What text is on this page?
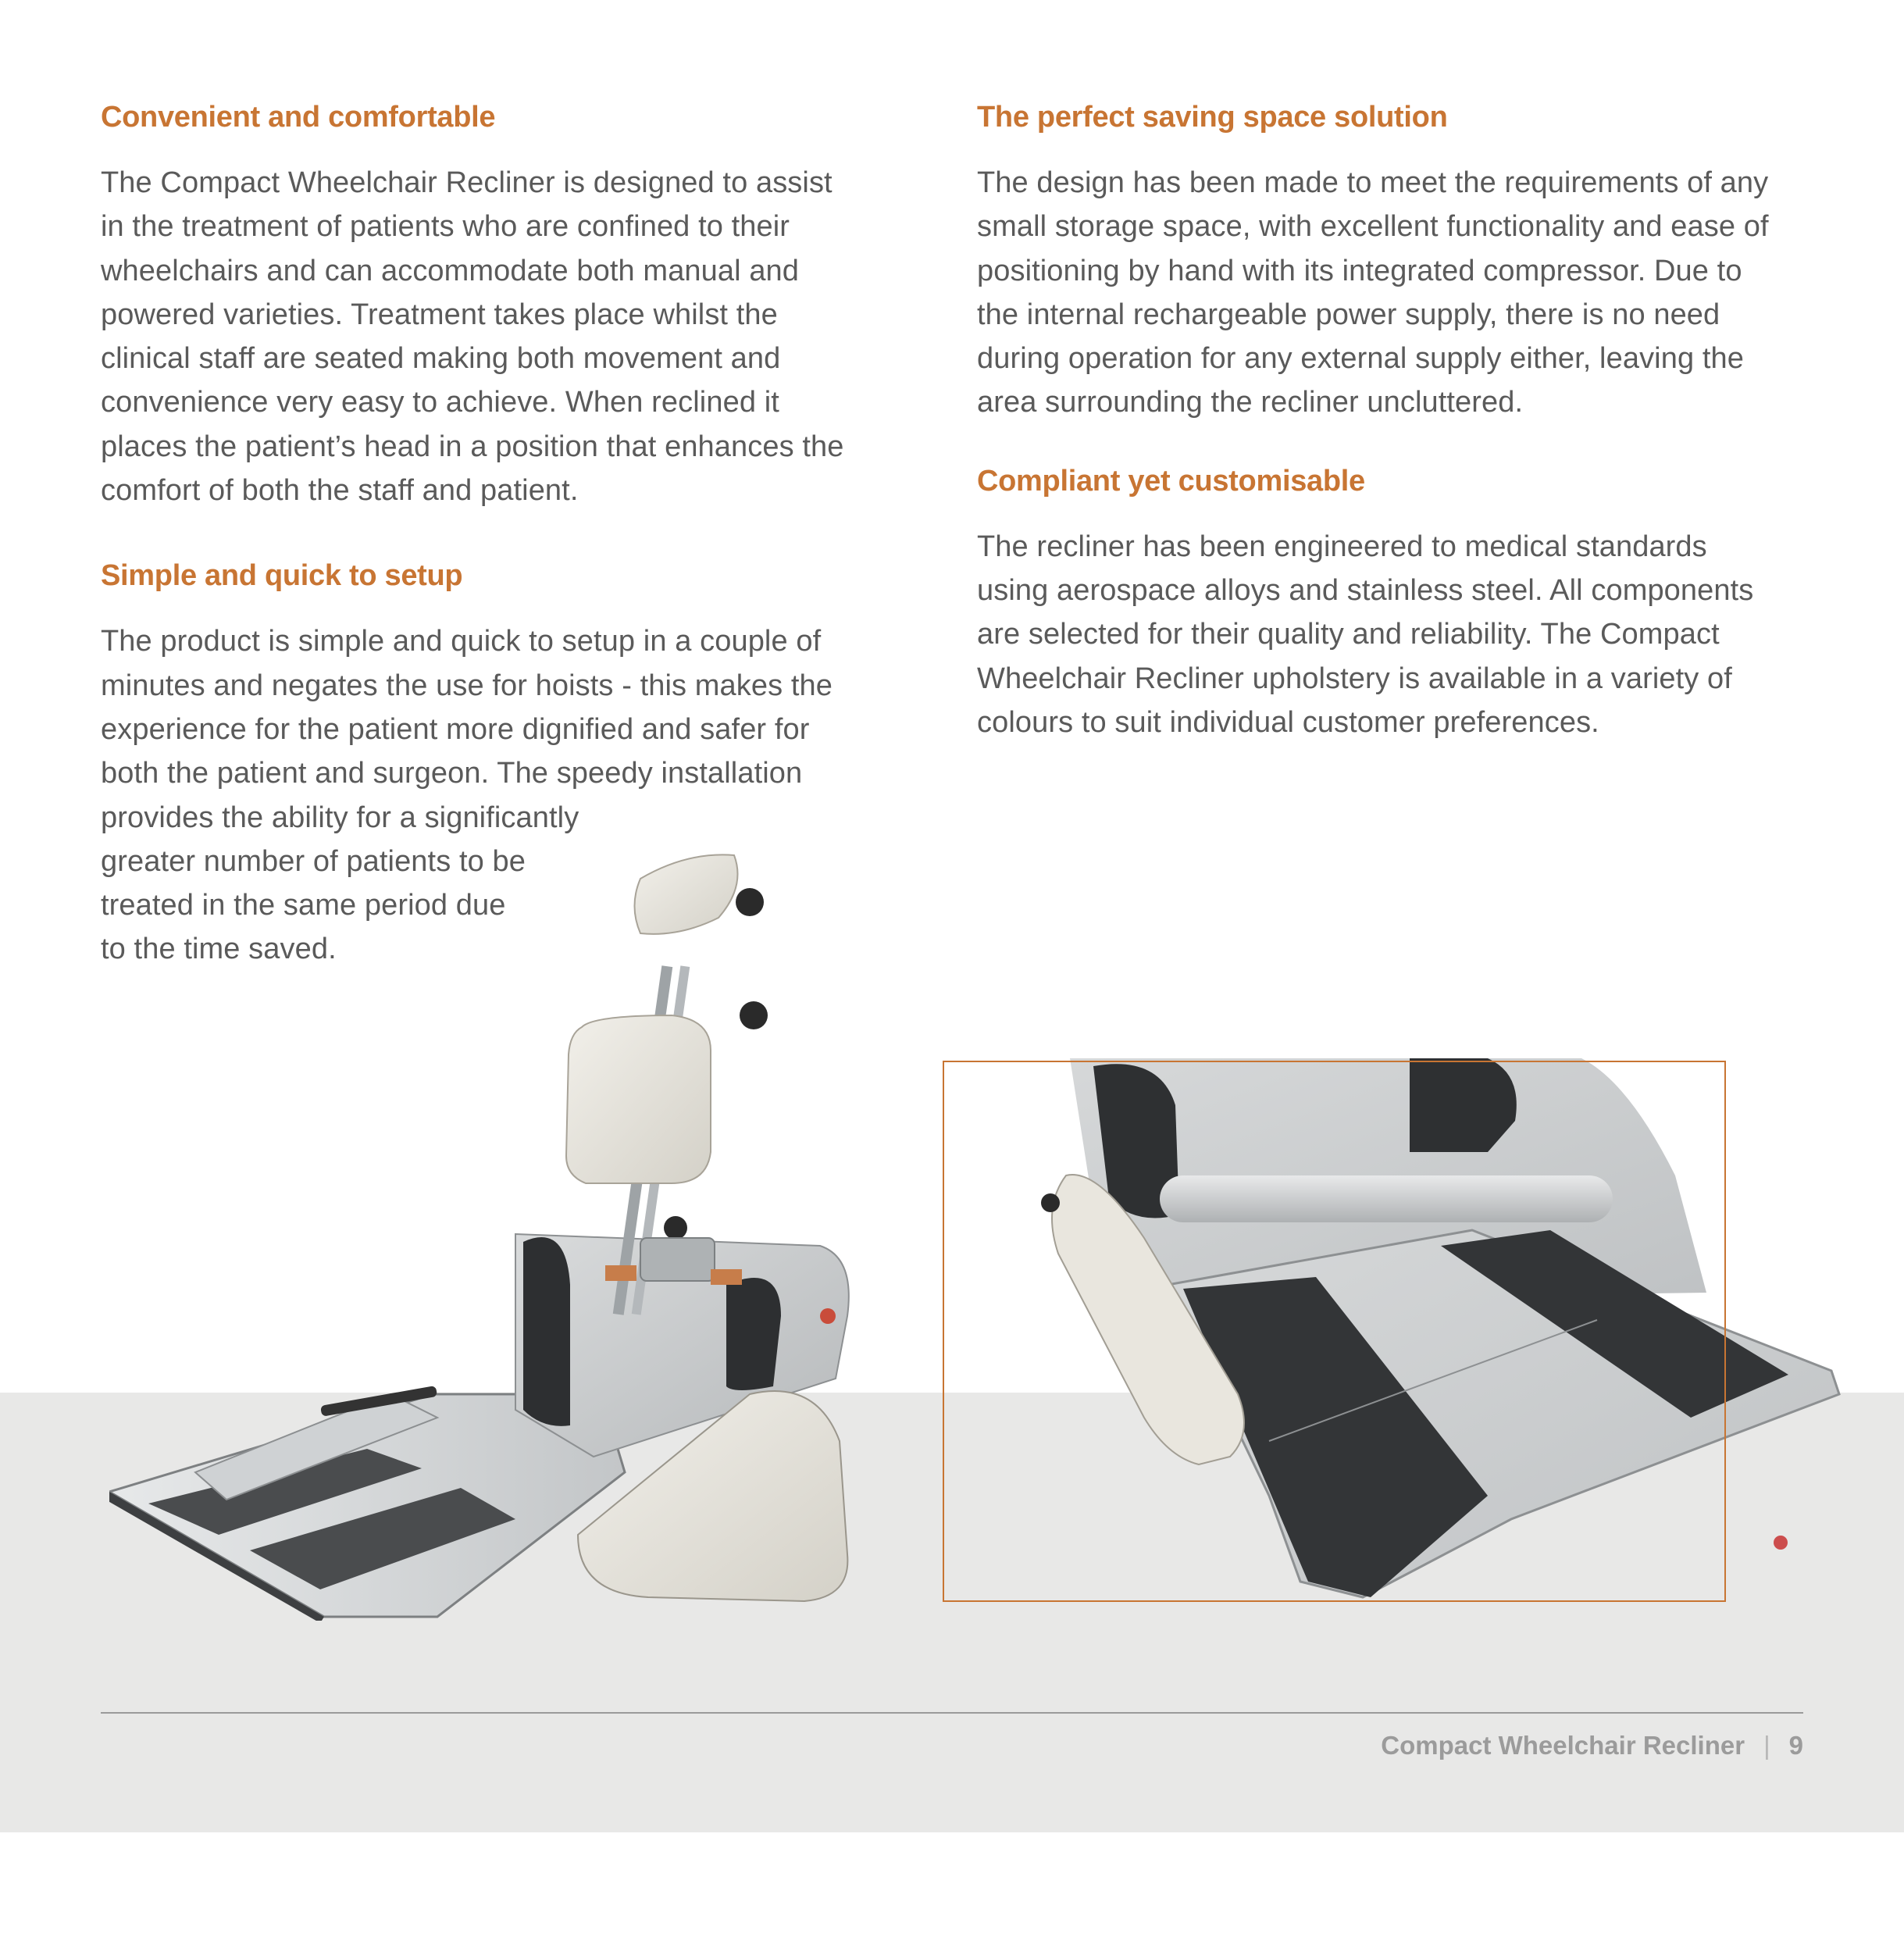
Convenient and comfortable

The Compact Wheelchair Recliner is designed to assist in the treatment of patients who are confined to their wheelchairs and can accommodate both manual and powered varieties. Treatment takes place whilst the clinical staff are seated making both movement and convenience very easy to achieve. When reclined it places the patient’s head in a position that enhances the comfort of both the staff and patient.

Simple and quick to setup
The product is simple and quick to setup in a couple of
minutes and negates the use for hoists - this makes the
experience for the patient more dignified and safer for
both the patient and surgeon. The speedy installation
provides the ability for a significantly
greater number of patients to be
treated in the same period due
to the time saved.
The perfect saving space solution

The design has been made to meet the requirements of any small storage space, with excellent functionality and ease of positioning by hand with its integrated compressor. Due to the internal rechargeable power supply, there is no need during operation for any external supply either, leaving the area surrounding the recliner uncluttered.

Compliant yet customisable

The recliner has been engineered to medical standards using aerospace alloys and stainless steel. All components are selected for their quality and reliability. The Compact Wheelchair Recliner upholstery is available in a variety of colours to suit individual customer preferences.

Compact Wheelchair Recliner | 9
